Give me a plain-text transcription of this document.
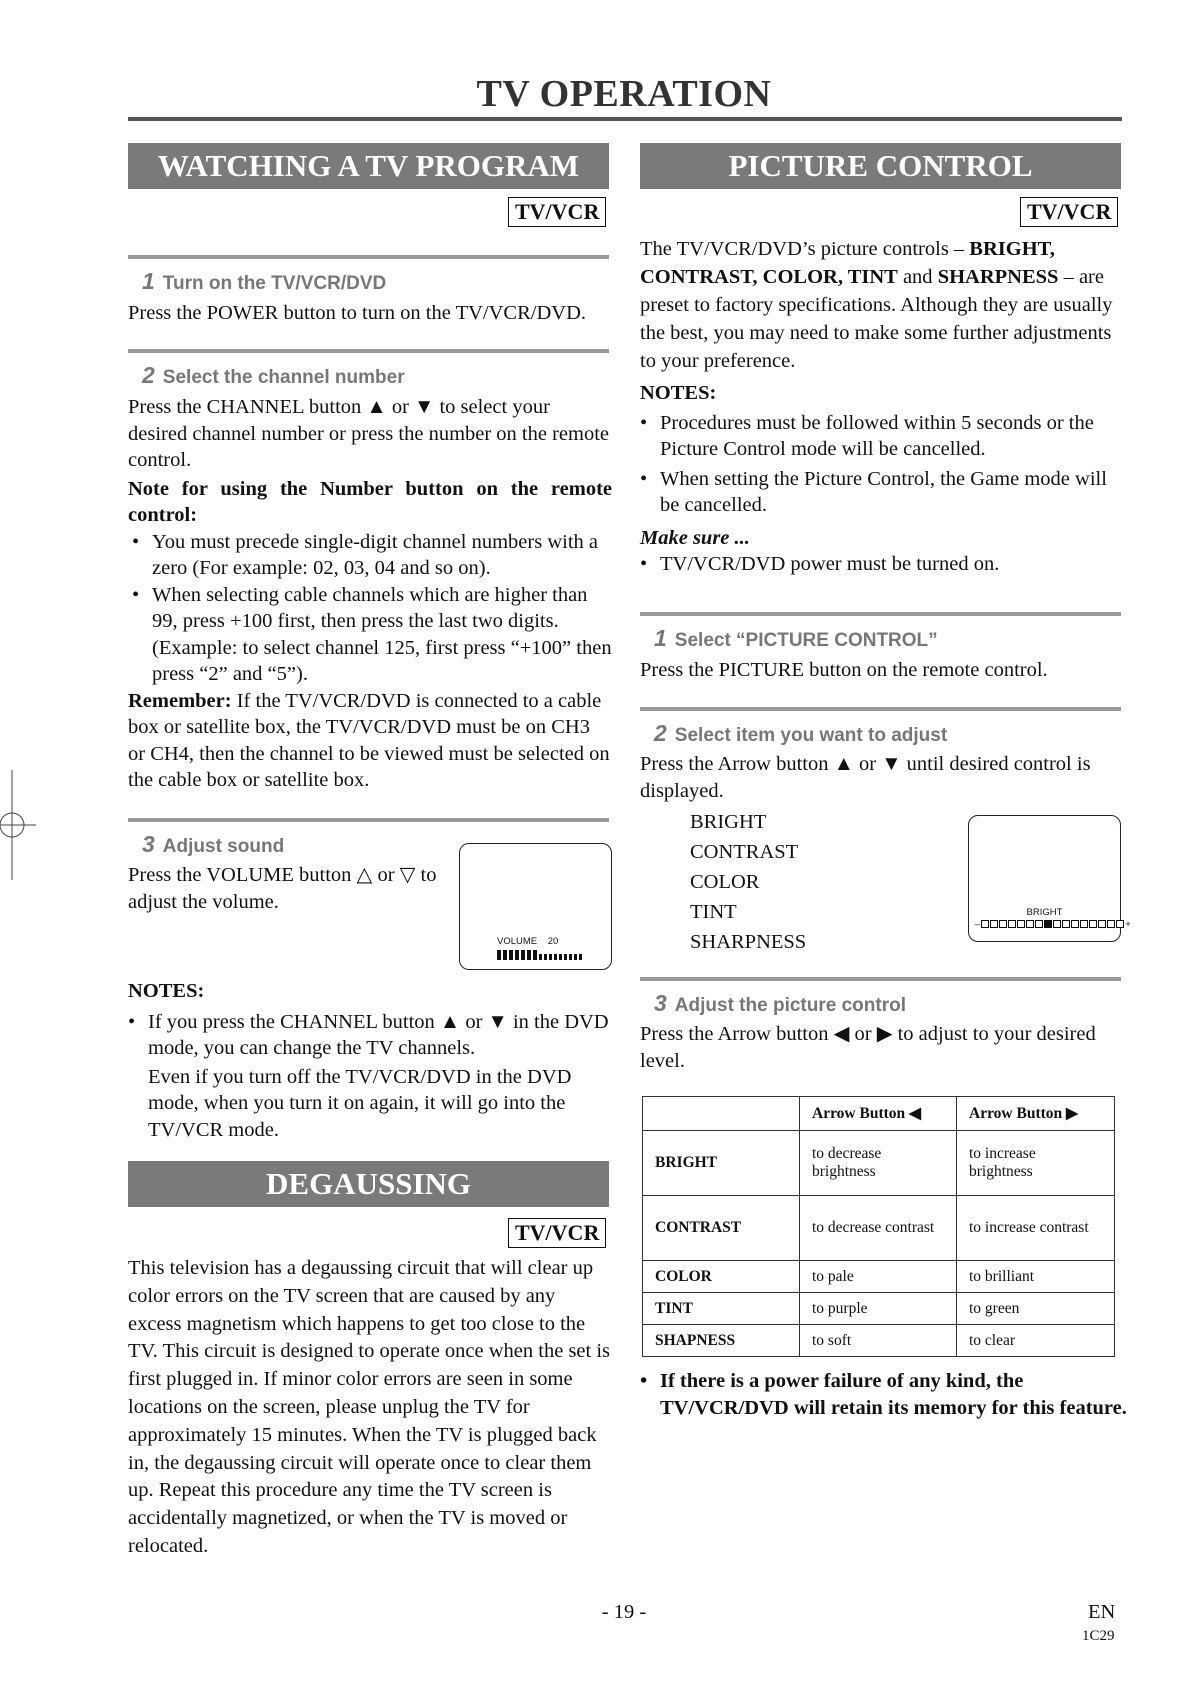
TV OPERATION
WATCHING A TV PROGRAM
TV/VCR
1 Turn on the TV/VCR/DVD
Press the POWER button to turn on the TV/VCR/DVD.
2 Select the channel number
Press the CHANNEL button ▲ or ▼ to select your desired channel number or press the number on the remote control.
Note for using the Number button on the remote control:
• You must precede single-digit channel numbers with a zero (For example: 02, 03, 04 and so on).
• When selecting cable channels which are higher than 99, press +100 first, then press the last two digits. (Example: to select channel 125, first press “+100” then press “2” and “5”).
Remember: If the TV/VCR/DVD is connected to a cable box or satellite box, the TV/VCR/DVD must be on CH3 or CH4, then the channel to be viewed must be selected on the cable box or satellite box.
3 Adjust sound
Press the VOLUME button △ or ▽ to adjust the volume.
VOLUME 20
NOTES:
• If you press the CHANNEL button ▲ or ▼ in the DVD mode, you can change the TV channels.
Even if you turn off the TV/VCR/DVD in the DVD mode, when you turn it on again, it will go into the TV/VCR mode.
DEGAUSSING
TV/VCR
This television has a degaussing circuit that will clear up color errors on the TV screen that are caused by any excess magnetism which happens to get too close to the TV. This circuit is designed to operate once when the set is first plugged in. If minor color errors are seen in some locations on the screen, please unplug the TV for approximately 15 minutes. When the TV is plugged back in, the degaussing circuit will operate once to clear them up. Repeat this procedure any time the TV screen is accidentally magnetized, or when the TV is moved or relocated.
PICTURE CONTROL
TV/VCR
The TV/VCR/DVD’s picture controls – BRIGHT, CONTRAST, COLOR, TINT and SHARPNESS – are preset to factory specifications. Although they are usually the best, you may need to make some further adjustments to your preference.
NOTES:
• Procedures must be followed within 5 seconds or the Picture Control mode will be cancelled.
• When setting the Picture Control, the Game mode will be cancelled.
Make sure ...
• TV/VCR/DVD power must be turned on.
1 Select “PICTURE CONTROL”
Press the PICTURE button on the remote control.
2 Select item you want to adjust
Press the Arrow button ▲ or ▼ until desired control is displayed.
BRIGHT
CONTRAST
COLOR
TINT
SHARPNESS
BRIGHT
–	+
3 Adjust the picture control
Press the Arrow button ◀ or ▶ to adjust to your desired level.
	Arrow Button ◀	Arrow Button ▶
BRIGHT	to decrease brightness	to increase brightness
CONTRAST	to decrease contrast	to increase contrast
COLOR	to pale	to brilliant
TINT	to purple	to green
SHAPNESS	to soft	to clear
• If there is a power failure of any kind, the TV/VCR/DVD will retain its memory for this feature.
- 19 -	EN
1C29
